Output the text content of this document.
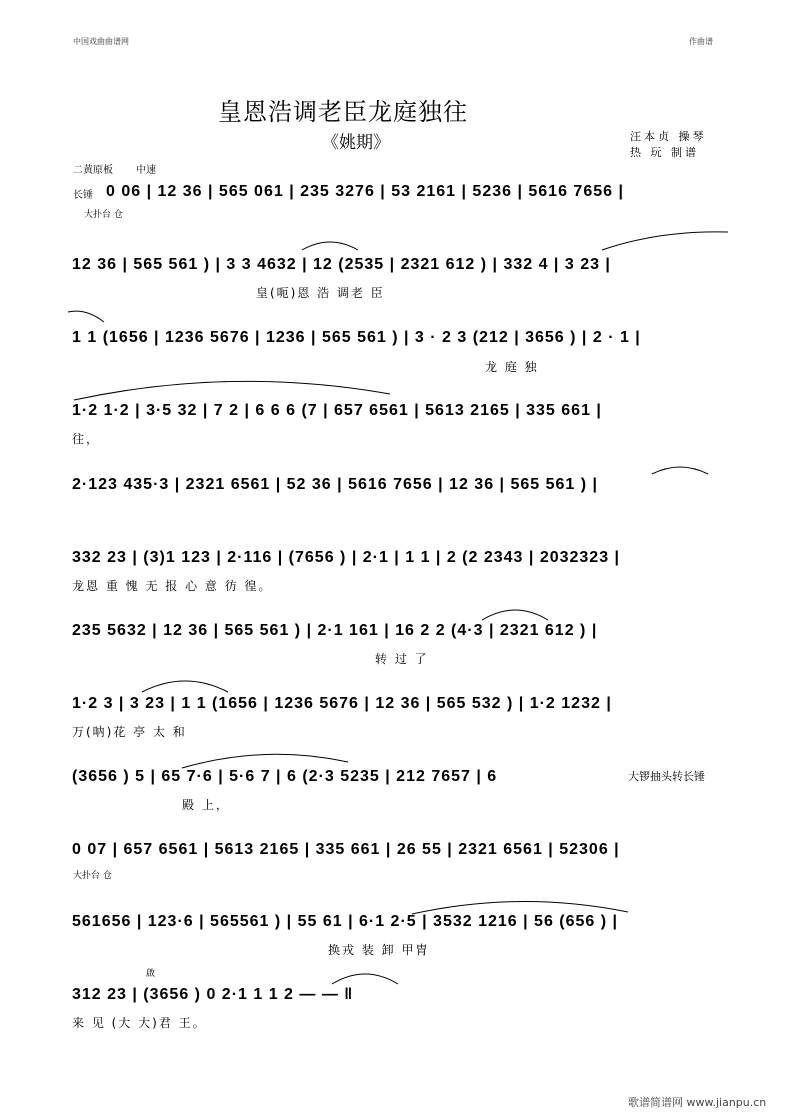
中国戏曲曲谱网	作曲谱
皇恩浩调老臣龙庭独往
《姚期》	汪本贞 操琴
热 玩 制谱
二黄原板 中速
长锤
大扑台 仓
0 06 | 12 36 | 565 061 | 235 3276 | 53 2161 | 5236 | 5616 7656 |
12 36 | 565 561 ) | 3 3 4632 | 12 (2535 | 2321 612 ) | 332 4 | 3 23 |
皇(呃)恩 浩 调老 臣
1 1 (1656 | 1236 5676 | 1236 | 565 561 ) | 3 · 2 3 (212 | 3656 ) | 2 · 1 |
龙 庭 独
1·2 1·2 | 3·5 32 | 7 2 | 6 6 6 (7 | 657 6561 | 5613 2165 | 335 661 |
往，
2·123 435·3 | 2321 6561 | 52 36 | 5616 7656 | 12 36 | 565 561 ) |
332 23 | (3)1 123 | 2·116 | (7656 ) | 2·1 | 1 1 | 2 (2 2343 | 2032323 |
龙恩 重 愧 无 报 心 意 彷 徨。
235 5632 | 12 36 | 565 561 ) | 2·1 161 | 16 2 2 (4·3 | 2321 612 ) |
转 过 了
1·2 3 | 3 23 | 1 1 (1656 | 1236 5676 | 12 36 | 565 532 ) | 1·2 1232 |
万(呐)花 亭 太 和
(3656 ) 5 | 65 7·6 | 5·6 7 | 6 (2·3 5235 | 212 7657 | 6
殿 上，
大锣抽头转长锤
0 07 | 657 6561 | 5613 2165 | 335 661 | 26 55 | 2321 6561 | 52306 |
大扑台 仓
561656 | 123·6 | 565561 ) | 55 61 | 6·1 2·5 | 3532 1216 | 56 (656 ) |
换戎 装 卸 甲胄
啟
312 23 | (3656 ) 0 2·1 1 1 2 — — ‖
来 见 (大 大)君 王。
歌谱简谱网 www.jianpu.cn
